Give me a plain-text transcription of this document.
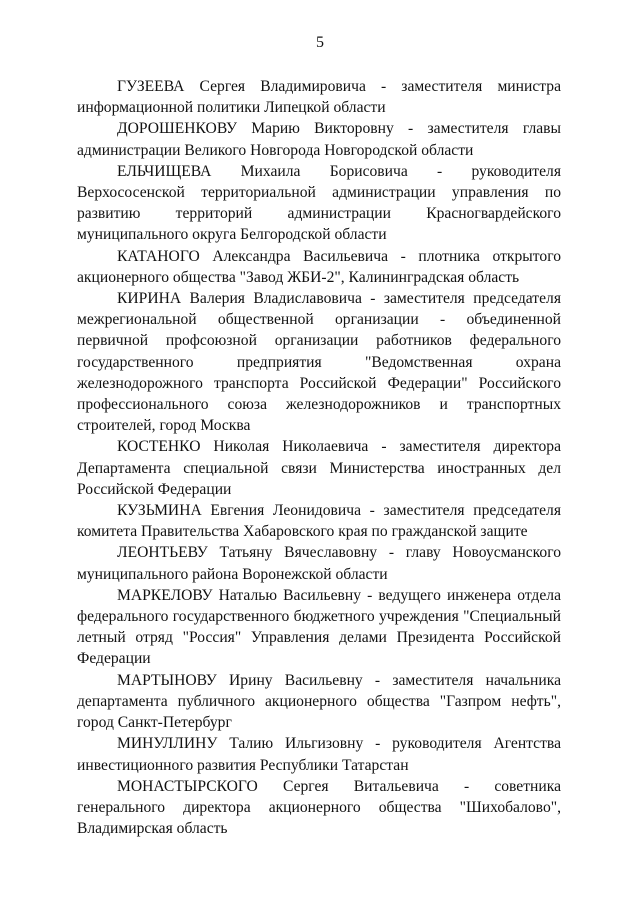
5

ГУЗЕЕВА Сергея Владимировича - заместителя министра информационной политики Липецкой области

ДОРОШЕНКОВУ Марию Викторовну - заместителя главы администрации Великого Новгорода Новгородской области

ЕЛЬЧИЩЕВА Михаила Борисовича - руководителя Верхососенской территориальной администрации управления по развитию территорий администрации Красногвардейского муниципального округа Белгородской области

КАТАНОГО Александра Васильевича - плотника открытого акционерного общества "Завод ЖБИ-2", Калининградская область

КИРИНА Валерия Владиславовича - заместителя председателя межрегиональной общественной организации - объединенной первичной профсоюзной организации работников федерального государственного предприятия "Ведомственная охрана железнодорожного транспорта Российской Федерации" Российского профессионального союза железнодорожников и транспортных строителей, город Москва

КОСТЕНКО Николая Николаевича - заместителя директора Департамента специальной связи Министерства иностранных дел Российской Федерации

КУЗЬМИНА Евгения Леонидовича - заместителя председателя комитета Правительства Хабаровского края по гражданской защите

ЛЕОНТЬЕВУ Татьяну Вячеславовну - главу Новоусманского муниципального района Воронежской области

МАРКЕЛОВУ Наталью Васильевну - ведущего инженера отдела федерального государственного бюджетного учреждения "Специальный летный отряд "Россия" Управления делами Президента Российской Федерации

МАРТЫНОВУ Ирину Васильевну - заместителя начальника департамента публичного акционерного общества "Газпром нефть", город Санкт-Петербург

МИНУЛЛИНУ Талию Ильгизовну - руководителя Агентства инвестиционного развития Республики Татарстан

МОНАСТЫРСКОГО Сергея Витальевича - советника генерального директора акционерного общества "Шихобалово", Владимирская область
